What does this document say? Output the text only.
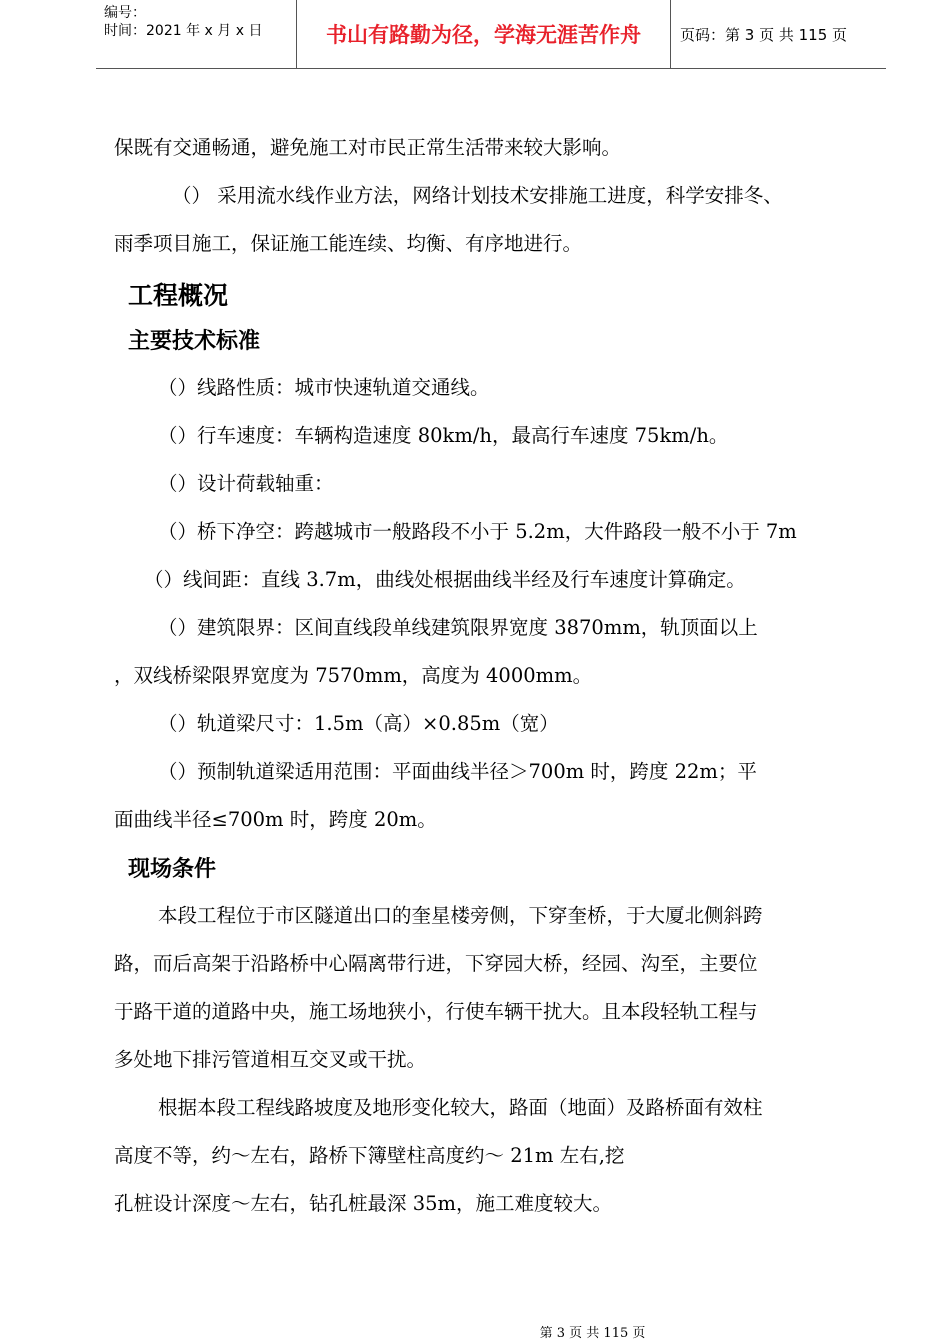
编号：
时间：2021 年 x 月 x 日	书山有路勤为径，学海无涯苦作舟	页码：第 3 页 共 115 页
保既有交通畅通，避免施工对市民正常生活带来较大影响。
（） 采用流水线作业方法，网络计划技术安排施工进度，科学安排冬、
雨季项目施工，保证施工能连续、均衡、有序地进行。
工程概况
主要技术标准
（）线路性质：城市快速轨道交通线。
（）行车速度：车辆构造速度 80km/h，最高行车速度 75km/h。
（）设计荷载轴重：
（）桥下净空：跨越城市一般路段不小于 5.2m，大件路段一般不小于 7m
（）线间距：直线 3.7m，曲线处根据曲线半经及行车速度计算确定。
（）建筑限界：区间直线段单线建筑限界宽度 3870mm，轨顶面以上
，双线桥梁限界宽度为 7570mm，高度为 4000mm。
（）轨道梁尺寸：1.5m（高）×0.85m（宽）
（）预制轨道梁适用范围：平面曲线半径＞700m 时，跨度 22m；平
面曲线半径≤700m 时，跨度 20m。
现场条件
本段工程位于市区隧道出口的奎星楼旁侧，下穿奎桥，于大厦北侧斜跨
路，而后高架于沿路桥中心隔离带行进，下穿园大桥，经园、沟至，主要位
于路干道的道路中央，施工场地狭小，行使车辆干扰大。且本段轻轨工程与
多处地下排污管道相互交叉或干扰。
根据本段工程线路坡度及地形变化较大，路面（地面）及路桥面有效柱
高度不等，约～左右，路桥下簿壁柱高度约～ 21m 左右,挖
孔桩设计深度～左右，钻孔桩最深 35m，施工难度较大。
第 3 页 共 115 页
